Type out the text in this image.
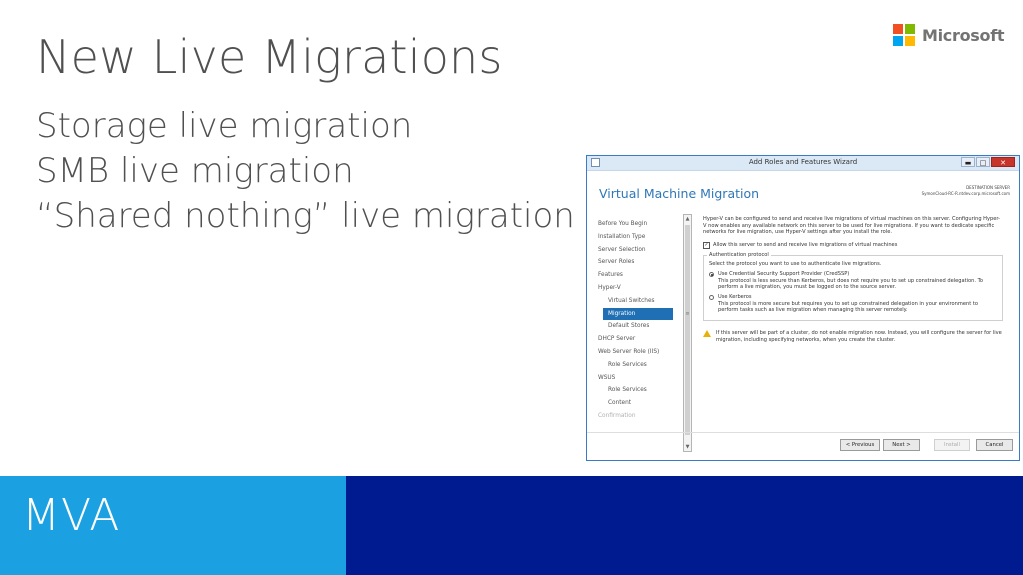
New Live Migrations
Storage live migration
SMB live migration
“Shared nothing” live migration
Microsoft
Add Roles and Features Wizard	▬	□	✕
Virtual Machine Migration	DESTINATION SERVER
SymonCloud-RC-R.ntdev.corp.microsoft.com
Before You Begin
Installation Type
Server Selection
Server Roles
Features
Hyper-V
Virtual Switches
Migration
Default Stores
DHCP Server
Web Server Role (IIS)
Role Services
WSUS
Role Services
Content
Confirmation
▲
≡
▼
Hyper-V can be configured to send and receive live migrations of virtual machines on this server. Configuring Hyper-V now enables any available network on this server to be used for live migrations. If you want to dedicate specific networks for live migration, use Hyper-V settings after you install the role.
✓ Allow this server to send and receive live migrations of virtual machines
Authentication protocol
Select the protocol you want to use to authenticate live migrations.
Use Credential Security Support Provider (CredSSP)
This protocol is less secure than Kerberos, but does not require you to set up constrained delegation. To perform a live migration, you must be logged on to the source server.
Use Kerberos
This protocol is more secure but requires you to set up constrained delegation in your environment to perform tasks such as live migration when managing this server remotely.
If this server will be part of a cluster, do not enable migration now. Instead, you will configure the server for live migration, including specifying networks, when you create the cluster.
< Previous	Next >	Install	Cancel
MVA
